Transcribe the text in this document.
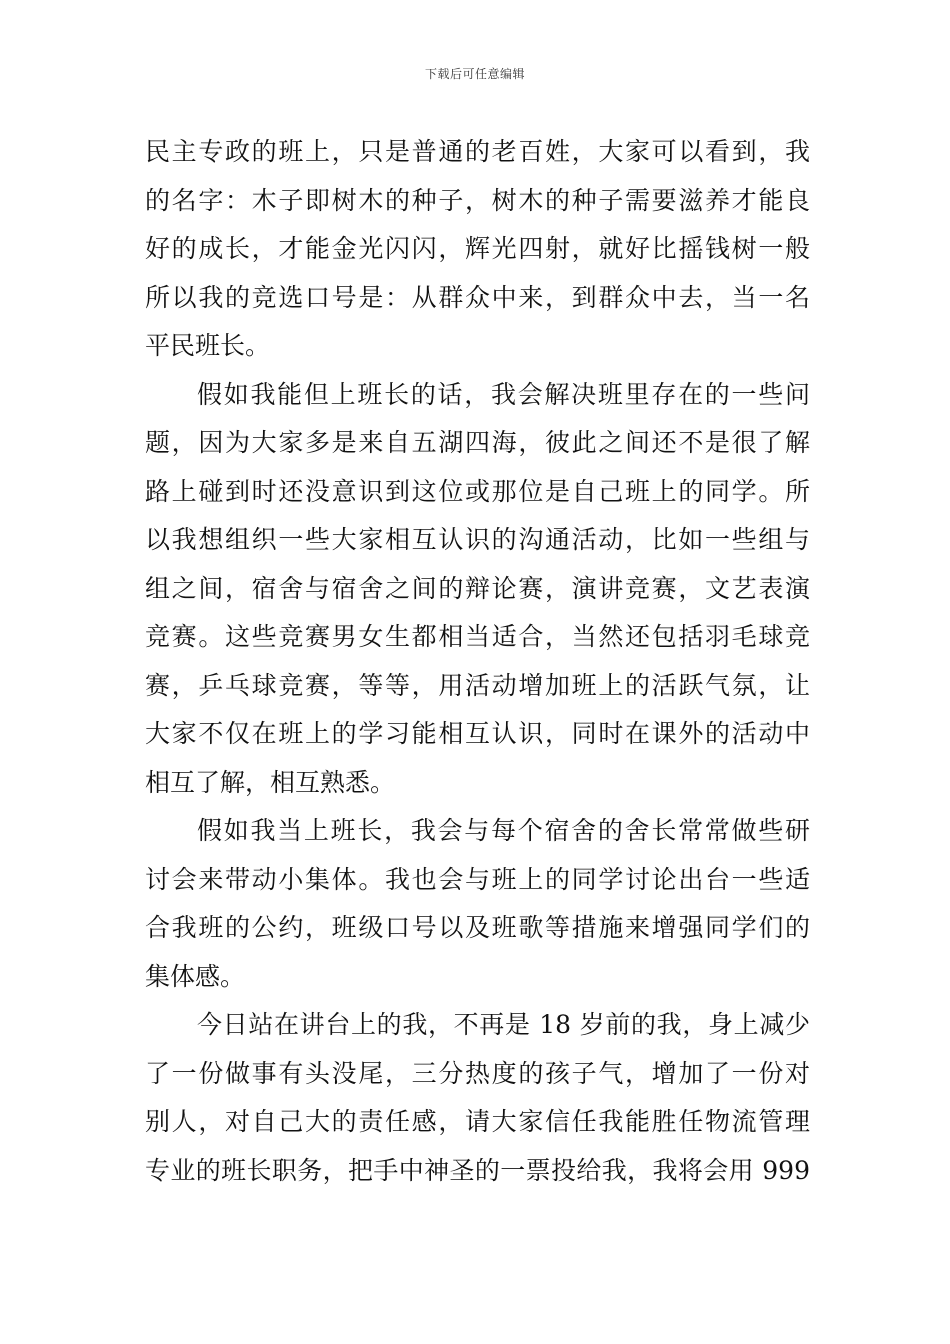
下载后可任意编辑
民主专政的班上，只是普通的老百姓，大家可以看到，我
的名字：木子即树木的种子，树木的种子需要滋养才能良
好的成长，才能金光闪闪，辉光四射，就好比摇钱树一般
所以我的竞选口号是：从群众中来，到群众中去，当一名
平民班长。
假如我能但上班长的话，我会解决班里存在的一些问
题，因为大家多是来自五湖四海，彼此之间还不是很了解
路上碰到时还没意识到这位或那位是自己班上的同学。所
以我想组织一些大家相互认识的沟通活动，比如一些组与
组之间，宿舍与宿舍之间的辩论赛，演讲竞赛，文艺表演
竞赛。这些竞赛男女生都相当适合，当然还包括羽毛球竞
赛，乒乓球竞赛，等等，用活动增加班上的活跃气氛，让
大家不仅在班上的学习能相互认识，同时在课外的活动中
相互了解，相互熟悉。
假如我当上班长，我会与每个宿舍的舍长常常做些研
讨会来带动小集体。我也会与班上的同学讨论出台一些适
合我班的公约，班级口号以及班歌等措施来增强同学们的
集体感。
今日站在讲台上的我，不再是 18 岁前的我，身上减少
了一份做事有头没尾，三分热度的孩子气，增加了一份对
别人，对自己大的责任感，请大家信任我能胜任物流管理
专业的班长职务，把手中神圣的一票投给我，我将会用 999
